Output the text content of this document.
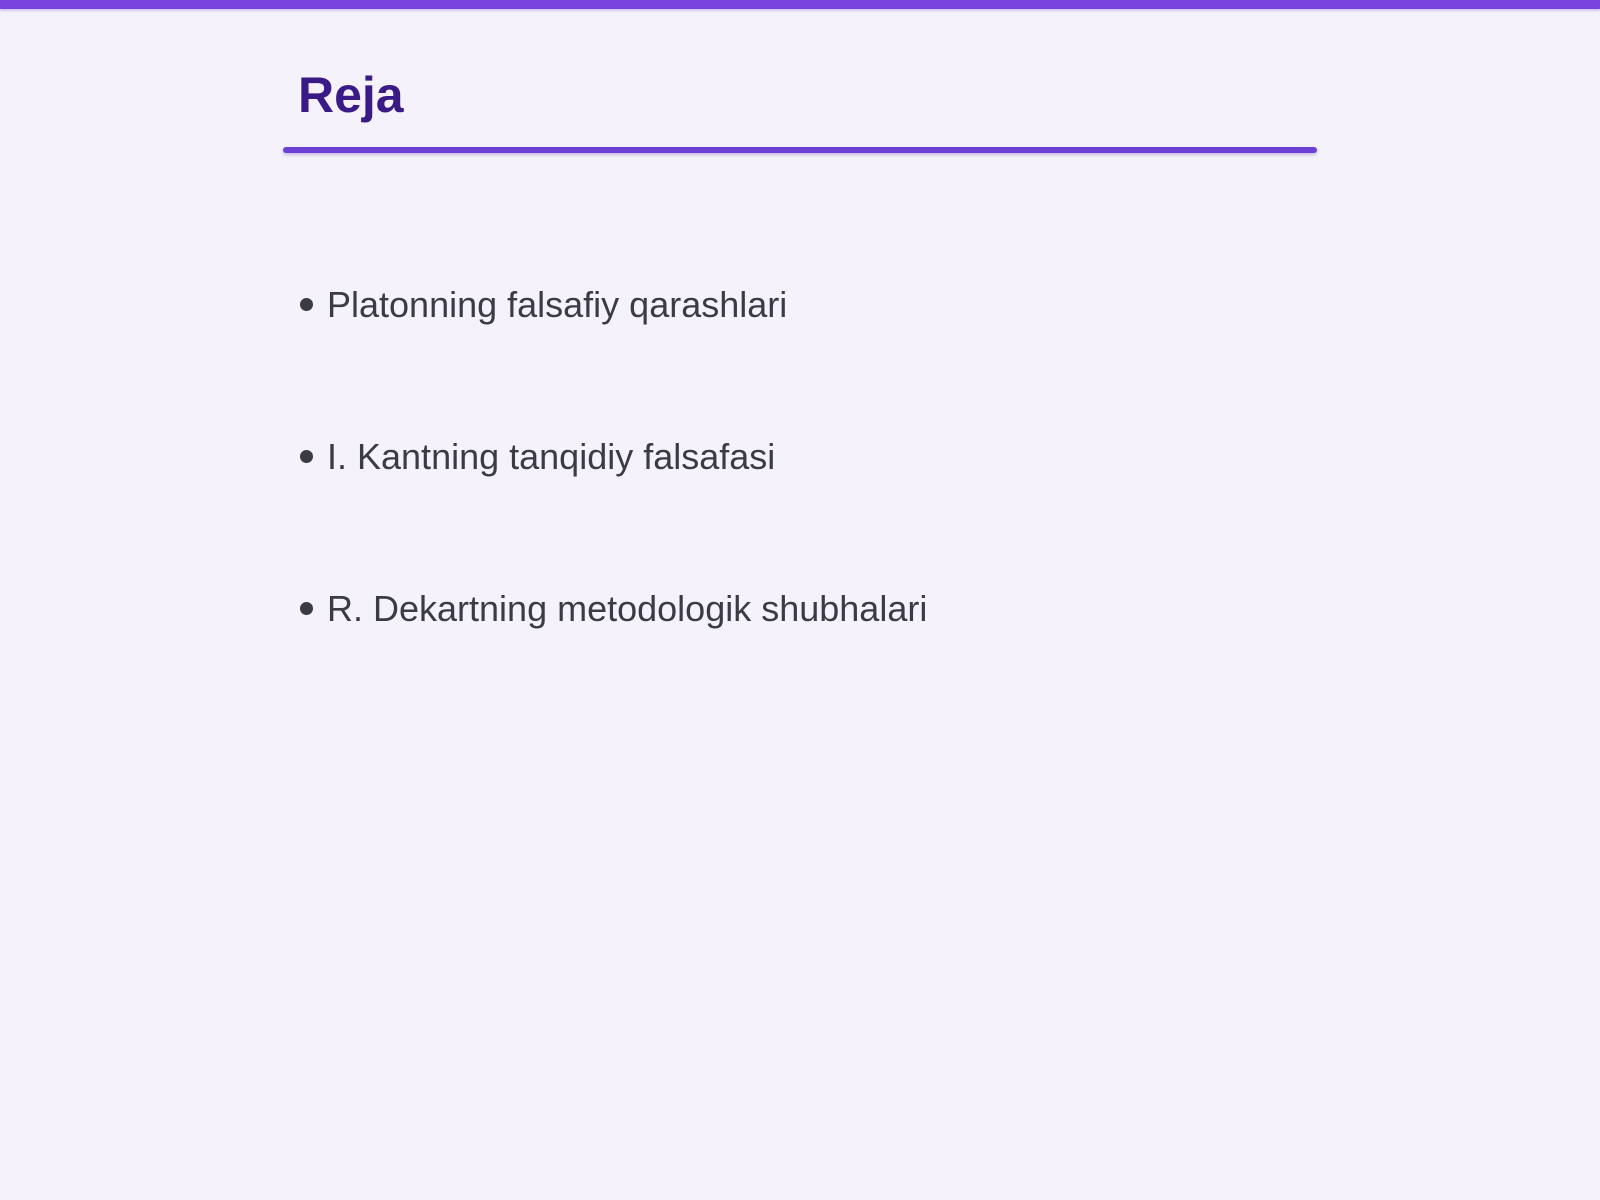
Reja
Platonning falsafiy qarashlari
I. Kantning tanqidiy falsafasi
R. Dekartning metodologik shubhalari
